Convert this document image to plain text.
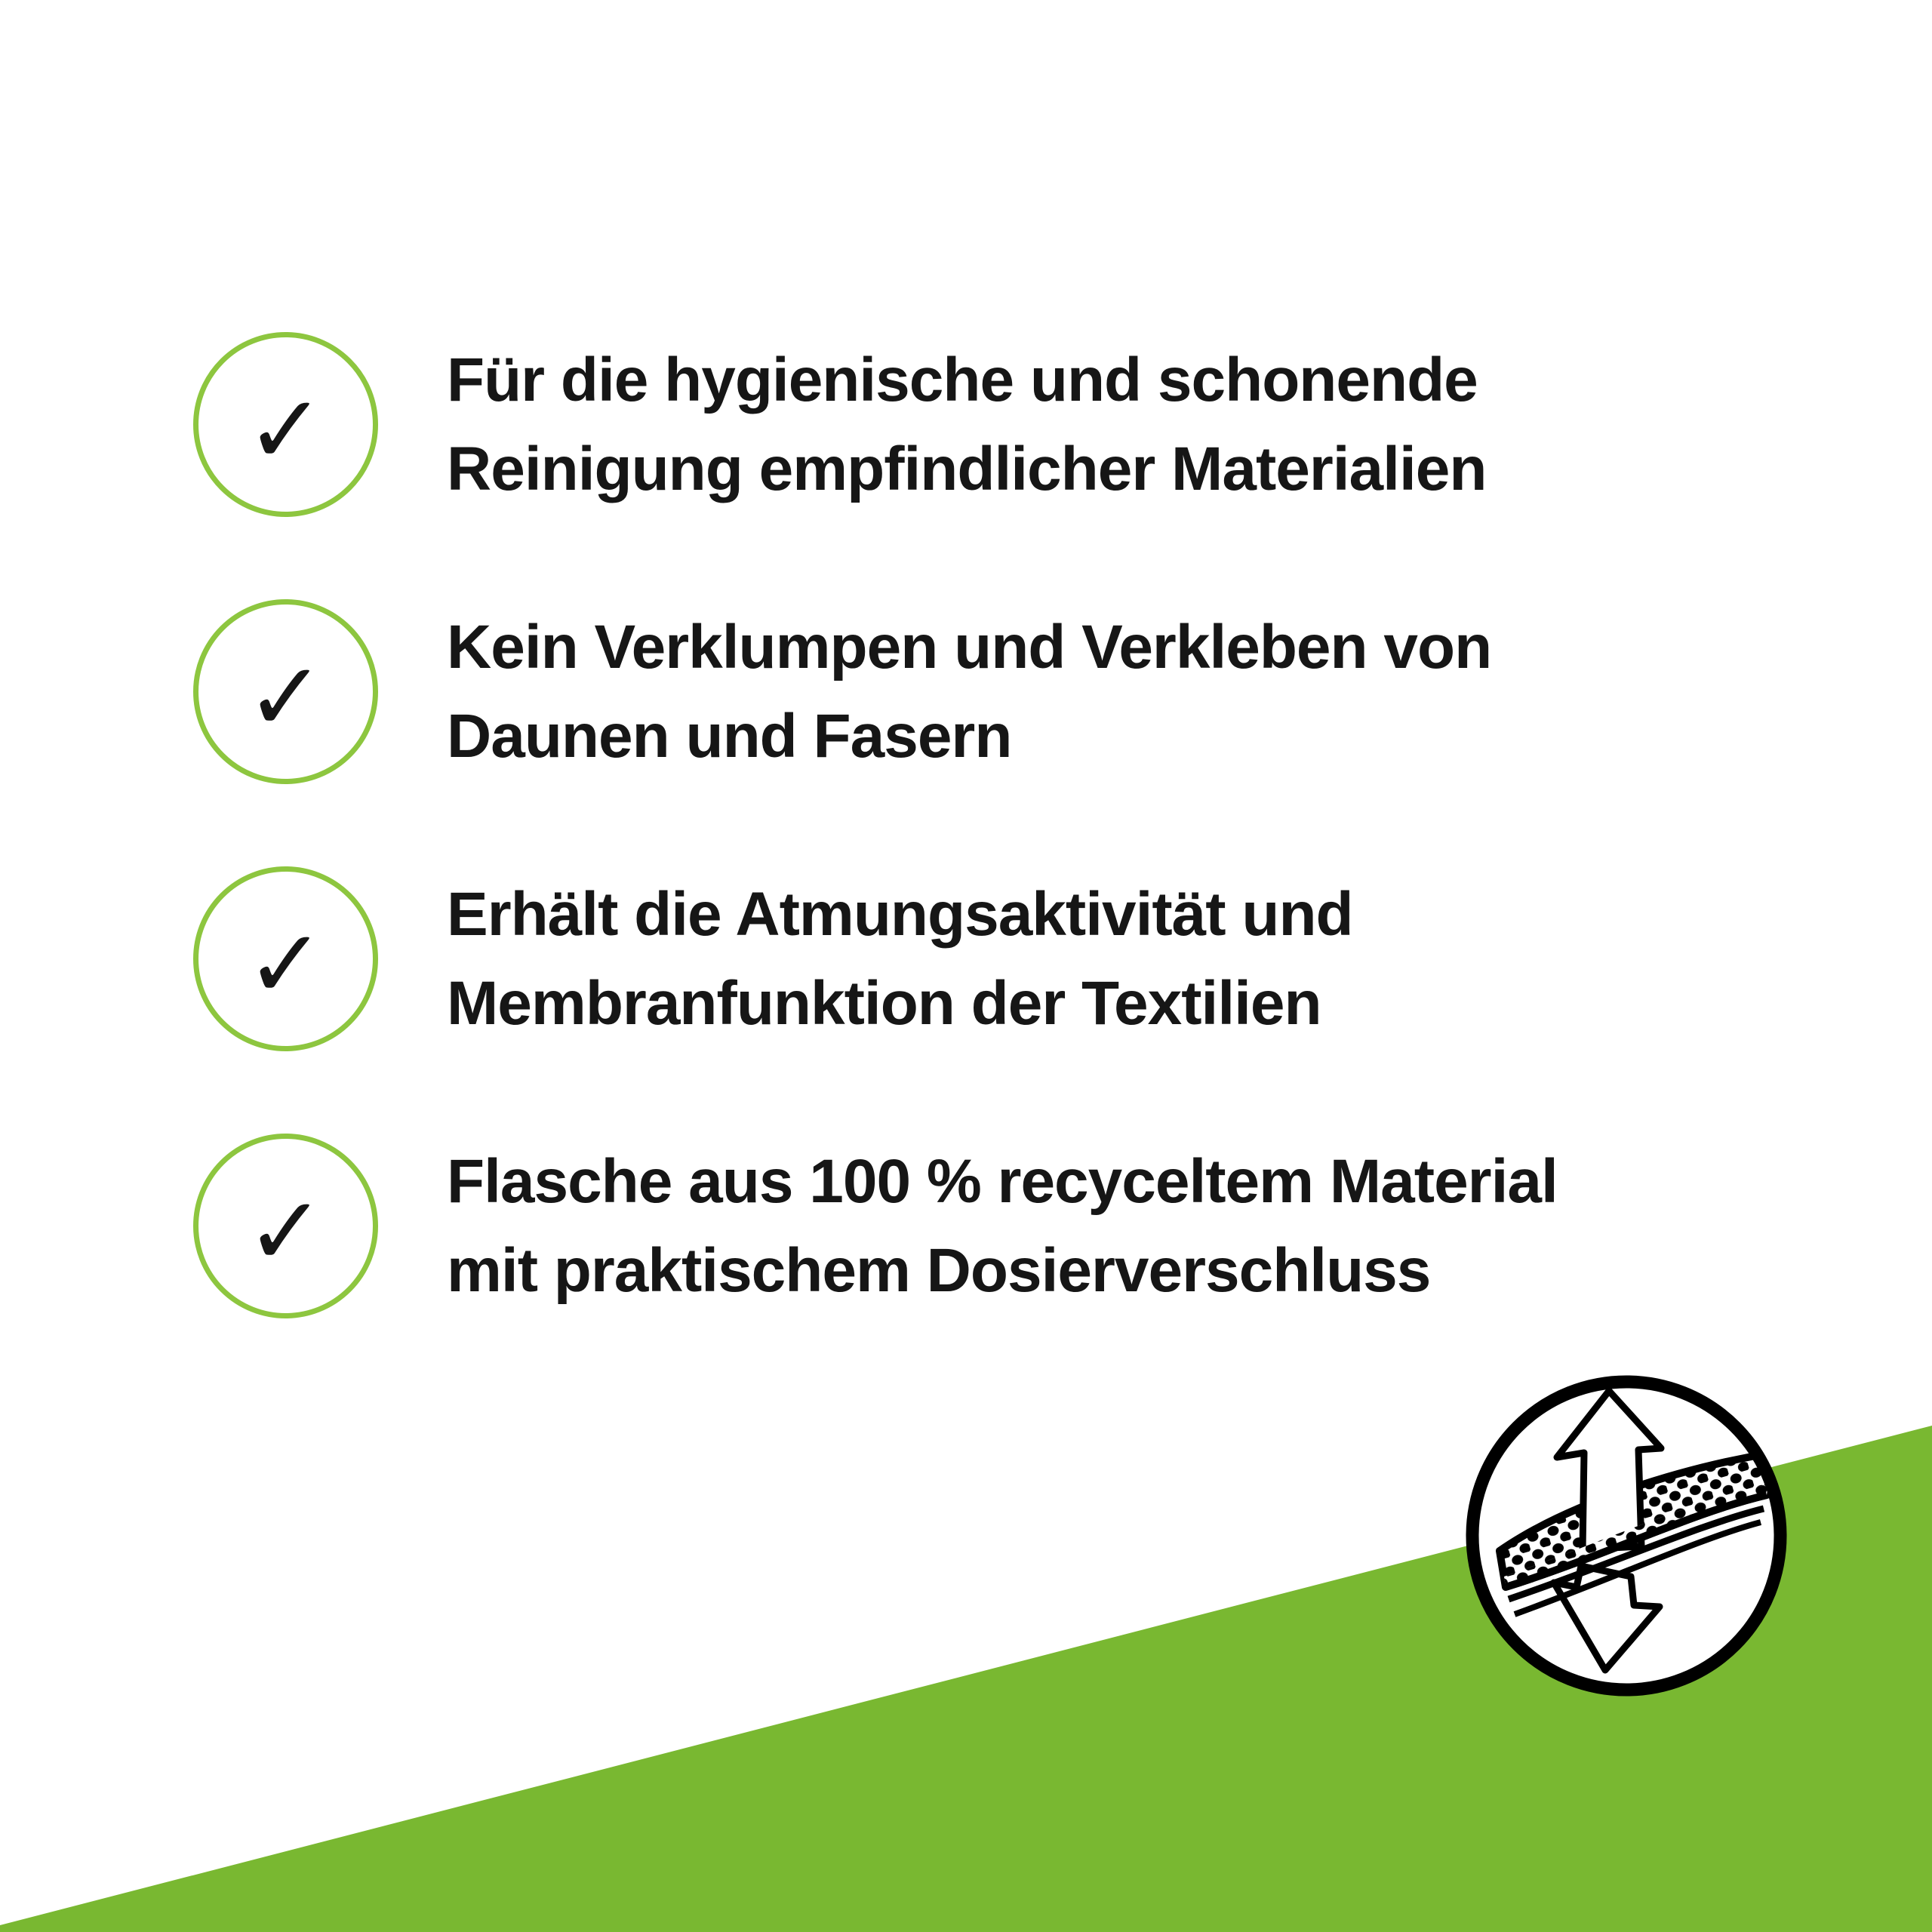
✓ Für die hygienische und schonende
Reinigung empfindlicher Materialien
✓ Kein Verklumpen und Verkleben von
Daunen und Fasern
✓ Erhält die Atmungsaktivität und
Membranfunktion der Textilien
✓ Flasche aus 100 % recyceltem Material
mit praktischem Dosierverschluss
